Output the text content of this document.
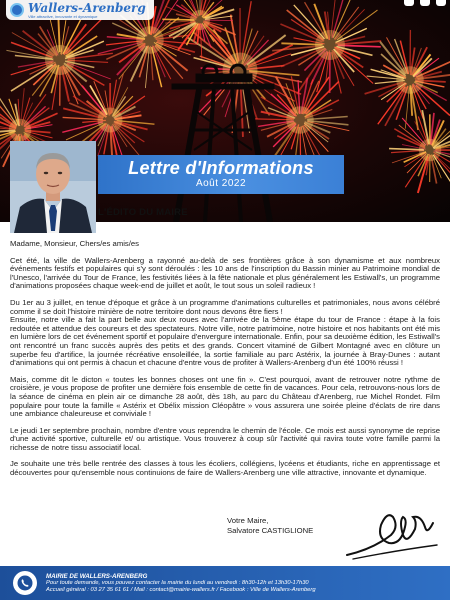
Wallers-Arenberg
Ville attractive, innovante et dynamique
Lettre d'Informations
Août 2022
L'ÉDITO DU MAIRE

Madame, Monsieur, Chers/es amis/es

Cet été, la ville de Wallers-Arenberg a rayonné au-delà de ses frontières grâce à son dynamisme et aux nombreux événements festifs et populaires qui s'y sont déroulés : les 10 ans de l'inscription du Bassin minier au Patrimoine mondial de l'Unesco, l'arrivée du Tour de France, les festivités liées à la fête nationale et plus généralement les Estiwall's, un programme d'animations proposées chaque week-end de juillet et août, le tout sous un soleil radieux !

Du 1er au 3 juillet, en tenue d'époque et grâce à un programme d'animations culturelles et patrimoniales, nous avons célébré comme il se doit l'histoire minière de notre territoire dont nous devons être fiers !

Ensuite, notre ville a fait la part belle aux deux roues avec l'arrivée de la 5ème étape du tour de France : étape à la fois redoutée et attendue des coureurs et des spectateurs. Notre ville, notre patrimoine, notre histoire et nos habitants ont été mis en lumière lors de cet événement sportif et populaire d'envergure internationale. Enfin, pour sa deuxième édition, les Estiwall's ont rencontré un franc succès auprès des petits et des grands. Concert vitaminé de Gilbert Montagné avec en clôture un superbe feu d'artifice, la journée récréative ensoleillée, la sortie familiale au parc Astérix, la journée à Bray-Dunes : autant d'animations qui ont permis à chacun et chacune d'entre vous de profiter à Wallers-Arenberg d'un été 100% réussi !

Mais, comme dit le dicton « toutes les bonnes choses ont une fin ». C'est pourquoi, avant de retrouver notre rythme de croisière, je vous propose de profiter une dernière fois ensemble de cette fin de vacances. Pour cela, retrouvons-nous lors de la séance de cinéma en plein air ce dimanche 28 août, dès 18h, au parc du Château d'Arenberg, rue Michel Rondet. Film populaire pour toute la famille « Astérix et Obélix mission Cléopâtre » vous assurera une soirée pleine d'éclats de rire dans une ambiance chaleureuse et conviviale !

Le jeudi 1er septembre prochain, nombre d'entre vous reprendra le chemin de l'école. Ce mois est aussi synonyme de reprise d'une activité sportive, culturelle et/ ou artistique. Vous trouverez à coup sûr l'activité qui ravira toute votre famille parmi la richesse de notre tissu associatif local.

Je souhaite une très belle rentrée des classes à tous les écoliers, collégiens, lycéens et étudiants, riche en apprentissage et découvertes pour qu'ensemble nous continuions de faire de Wallers-Arenberg une ville attractive, innovante et dynamique.

Votre Maire,
Salvatore CASTIGLIONE
MAIRIE DE WALLERS-ARENBERG
Pour toute demande, vous pouvez contacter la mairie du lundi au vendredi : 8h30-12h et 13h30-17h30
Accueil général : 03 27 35 61 61 / Mail : contact@mairie-wallers.fr / Facebook : Ville de Wallers-Arenberg
